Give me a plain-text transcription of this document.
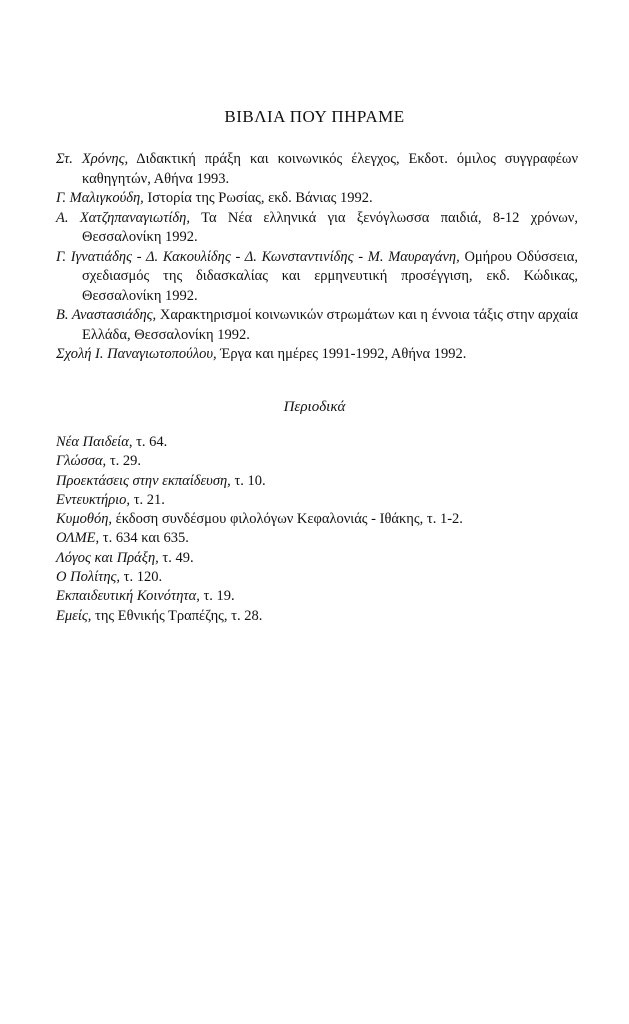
ΒΙΒΛΙΑ ΠΟΥ ΠΗΡΑΜΕ
Στ. Χρόνης, Διδακτική πράξη και κοινωνικός έλεγχος, Εκδοτ. όμιλος συγγραφέων καθηγητών, Αθήνα 1993.
Γ. Μαλιγκούδη, Ιστορία της Ρωσίας, εκδ. Βάνιας 1992.
Α. Χατζηπαναγιωτίδη, Τα Νέα ελληνικά για ξενόγλωσσα παιδιά, 8-12 χρόνων, Θεσσαλονίκη 1992.
Γ. Ιγνατιάδης - Δ. Κακουλίδης - Δ. Κωνσταντινίδης - Μ. Μαυραγάνη, Ομήρου Οδύσσεια, σχεδιασμός της διδασκαλίας και ερμηνευτική προσέγγιση, εκδ. Κώδικας, Θεσσαλονίκη 1992.
Β. Αναστασιάδης, Χαρακτηρισμοί κοινωνικών στρωμάτων και η έννοια τάξις στην αρχαία Ελλάδα, Θεσσαλονίκη 1992.
Σχολή Ι. Παναγιωτοπούλου, Έργα και ημέρες 1991-1992, Αθήνα 1992.
Περιοδικά
Νέα Παιδεία, τ. 64.
Γλώσσα, τ. 29.
Προεκτάσεις στην εκπαίδευση, τ. 10.
Εντευκτήριο, τ. 21.
Κυμοθόη, έκδοση συνδέσμου φιλολόγων Κεφαλονιάς - Ιθάκης, τ. 1-2.
ΟΛΜΕ, τ. 634 και 635.
Λόγος και Πράξη, τ. 49.
Ο Πολίτης, τ. 120.
Εκπαιδευτική Κοινότητα, τ. 19.
Εμείς, της Εθνικής Τραπέζης, τ. 28.
